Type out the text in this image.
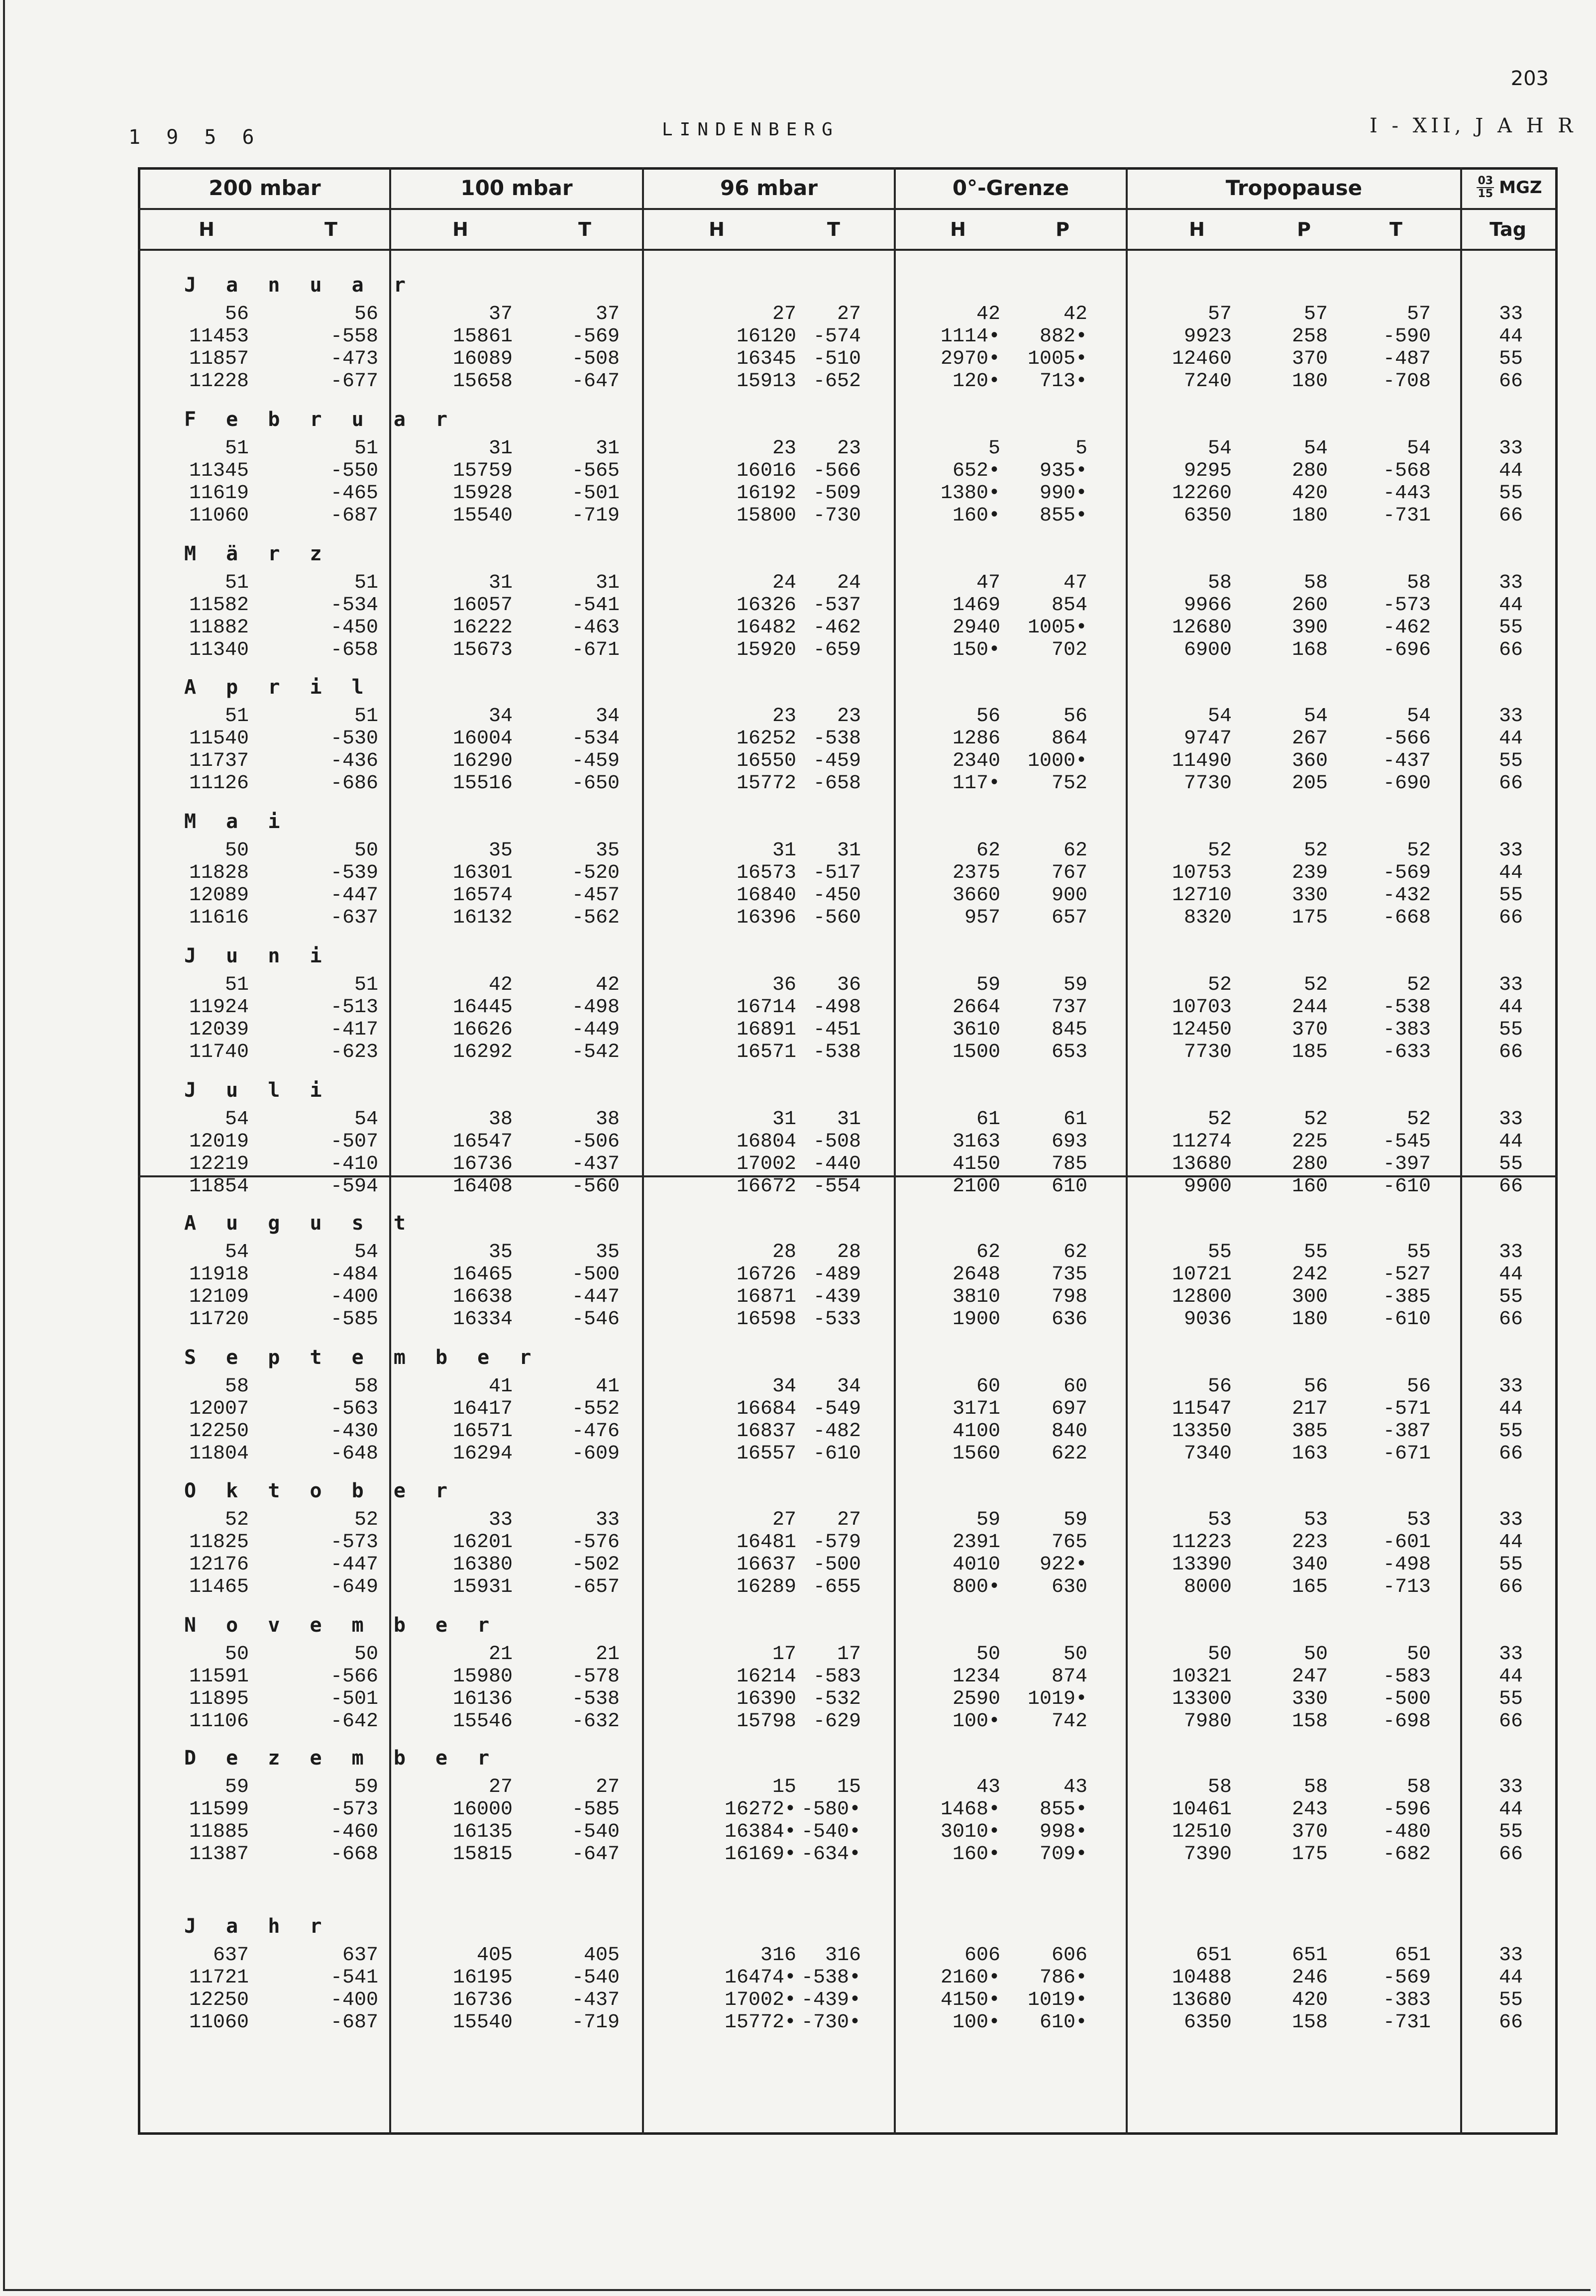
203
1 9 5 6	LINDENBERG	I - XII, J A H R
200 mbar	100 mbar	96 mbar	0°-Grenze	Tropopause	$\frac{03}{15}$ MGZ
H	T	H	T	H	T	H	P	H	P	T	Tag
J a n u a r
56	56	37	37	27 27	42	42	57	57	57	33
11453	-558	15861	-569	16120 -574	1114• 882•	9923	258	-590	44
11857	-473	16089	-508	16345 -510	2970• 1005•	12460	370	-487	55
11228	-677	15658	-647	15913 -652	120• 713•	7240	180	-708	66
F e b r u a r
51	51	31	31	23 23	5	5	54	54	54	33
11345	-550	15759	-565	16016 -566	652• 935•	9295	280	-568	44
11619	-465	15928	-501	16192 -509	1380• 990•	12260	420	-443	55
11060	-687	15540	-719	15800 -730	160• 855•	6350	180	-731	66
M ä r z
51	51	31	31	24 24	47	47	58	58	58	33
11582	-534	16057	-541	16326 -537	1469	854	9966	260	-573	44
11882	-450	16222	-463	16482 -462	2940 1005•	12680	390	-462	55
11340	-658	15673	-671	15920 -659	150•	702	6900	168	-696	66
A p r i l
51	51	34	34	23 23	56	56	54	54	54	33
11540	-530	16004	-534	16252 -538	1286	864	9747	267	-566	44
11737	-436	16290	-459	16550 -459	2340 1000•	11490	360	-437	55
11126	-686	15516	-650	15772 -658	117•	752	7730	205	-690	66
M a i
50	50	35	35	31 31	62	62	52	52	52	33
11828	-539	16301	-520	16573 -517	2375	767	10753	239	-569	44
12089	-447	16574	-457	16840 -450	3660	900	12710	330	-432	55
11616	-637	16132	-562	16396 -560	957	657	8320	175	-668	66
J u n i
51	51	42	42	36 36	59	59	52	52	52	33
11924	-513	16445	-498	16714 -498	2664	737	10703	244	-538	44
12039	-417	16626	-449	16891 -451	3610	845	12450	370	-383	55
11740	-623	16292	-542	16571 -538	1500	653	7730	185	-633	66
J u l i
54	54	38	38	31 31	61	61	52	52	52	33
12019	-507	16547	-506	16804 -508	3163	693	11274	225	-545	44
12219	-410	16736	-437	17002 -440	4150	785	13680	280	-397	55
11854	-594	16408	-560	16672 -554	2100	610	9900	160	-610	66
A u g u s t
54	54	35	35	28 28	62	62	55	55	55	33
11918	-484	16465	-500	16726 -489	2648	735	10721	242	-527	44
12109	-400	16638	-447	16871 -439	3810	798	12800	300	-385	55
11720	-585	16334	-546	16598 -533	1900	636	9036	180	-610	66
S e p t e m b e r
58	58	41	41	34 34	60	60	56	56	56	33
12007	-563	16417	-552	16684 -549	3171	697	11547	217	-571	44
12250	-430	16571	-476	16837 -482	4100	840	13350	385	-387	55
11804	-648	16294	-609	16557 -610	1560	622	7340	163	-671	66
O k t o b e r
52	52	33	33	27 27	59	59	53	53	53	33
11825	-573	16201	-576	16481 -579	2391	765	11223	223	-601	44
12176	-447	16380	-502	16637 -500	4010 922•	13390	340	-498	55
11465	-649	15931	-657	16289 -655	800•	630	8000	165	-713	66
N o v e m b e r
50	50	21	21	17 17	50	50	50	50	50	33
11591	-566	15980	-578	16214 -583	1234	874	10321	247	-583	44
11895	-501	16136	-538	16390 -532	2590 1019•	13300	330	-500	55
11106	-642	15546	-632	15798 -629	100•	742	7980	158	-698	66
D e z e m b e r
59	59	27	27	15 15	43	43	58	58	58	33
11599	-573	16000	-585	16272• -580•	1468• 855•	10461	243	-596	44
11885	-460	16135	-540	16384• -540•	3010• 998•	12510	370	-480	55
11387	-668	15815	-647	16169• -634•	160• 709•	7390	175	-682	66
J a h r
637	637	405	405	316 316	606	606	651	651	651	33
11721	-541	16195	-540	16474• -538•	2160• 786•	10488	246	-569	44
12250	-400	16736	-437	17002• -439•	4150• 1019•	13680	420	-383	55
11060	-687	15540	-719	15772• -730•	100• 610•	6350	158	-731	66
